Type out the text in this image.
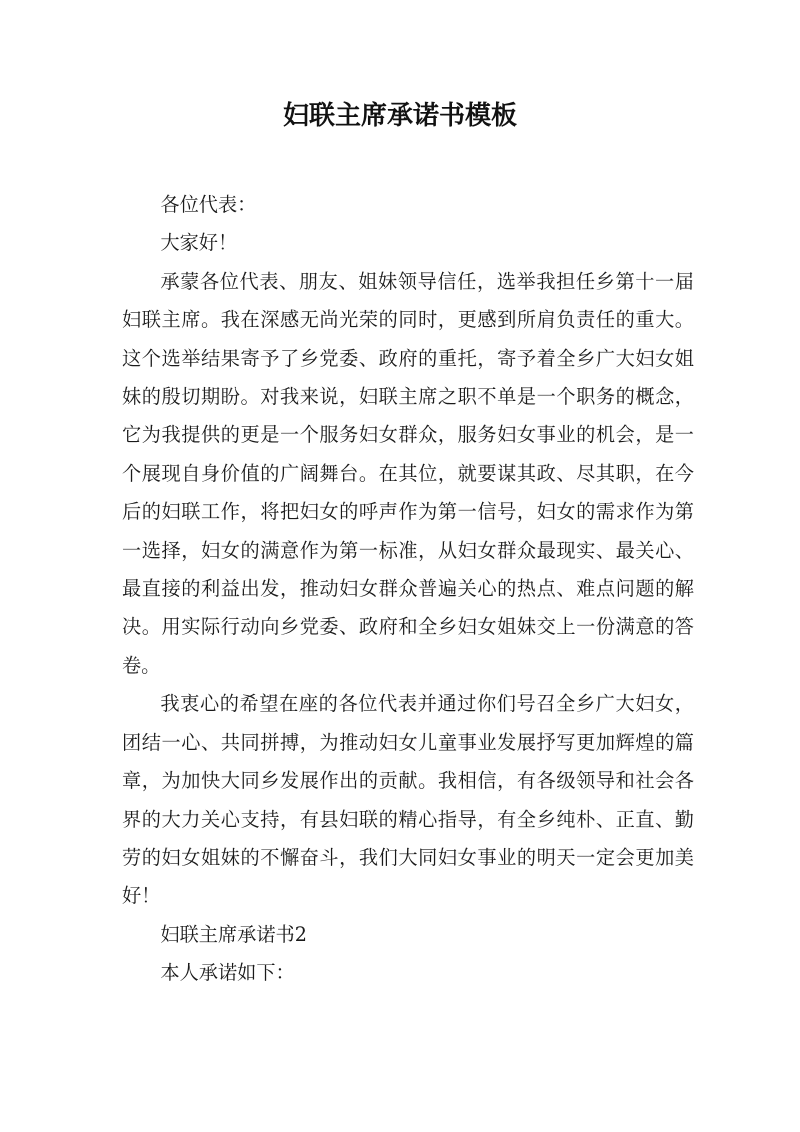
妇联主席承诺书模板

各位代表：

大家好！

承蒙各位代表、朋友、姐妹领导信任，选举我担任乡第十一届妇联主席。我在深感无尚光荣的同时，更感到所肩负责任的重大。这个选举结果寄予了乡党委、政府的重托，寄予着全乡广大妇女姐妹的殷切期盼。对我来说，妇联主席之职不单是一个职务的概念，它为我提供的更是一个服务妇女群众，服务妇女事业的机会，是一个展现自身价值的广阔舞台。在其位，就要谋其政、尽其职，在今后的妇联工作，将把妇女的呼声作为第一信号，妇女的需求作为第一选择，妇女的满意作为第一标准，从妇女群众最现实、最关心、最直接的利益出发，推动妇女群众普遍关心的热点、难点问题的解决。用实际行动向乡党委、政府和全乡妇女姐妹交上一份满意的答卷。

我衷心的希望在座的各位代表并通过你们号召全乡广大妇女，团结一心、共同拼搏，为推动妇女儿童事业发展抒写更加辉煌的篇章，为加快大同乡发展作出的贡献。我相信，有各级领导和社会各界的大力关心支持，有县妇联的精心指导，有全乡纯朴、正直、勤劳的妇女姐妹的不懈奋斗，我们大同妇女事业的明天一定会更加美好！

妇联主席承诺书2

本人承诺如下：
